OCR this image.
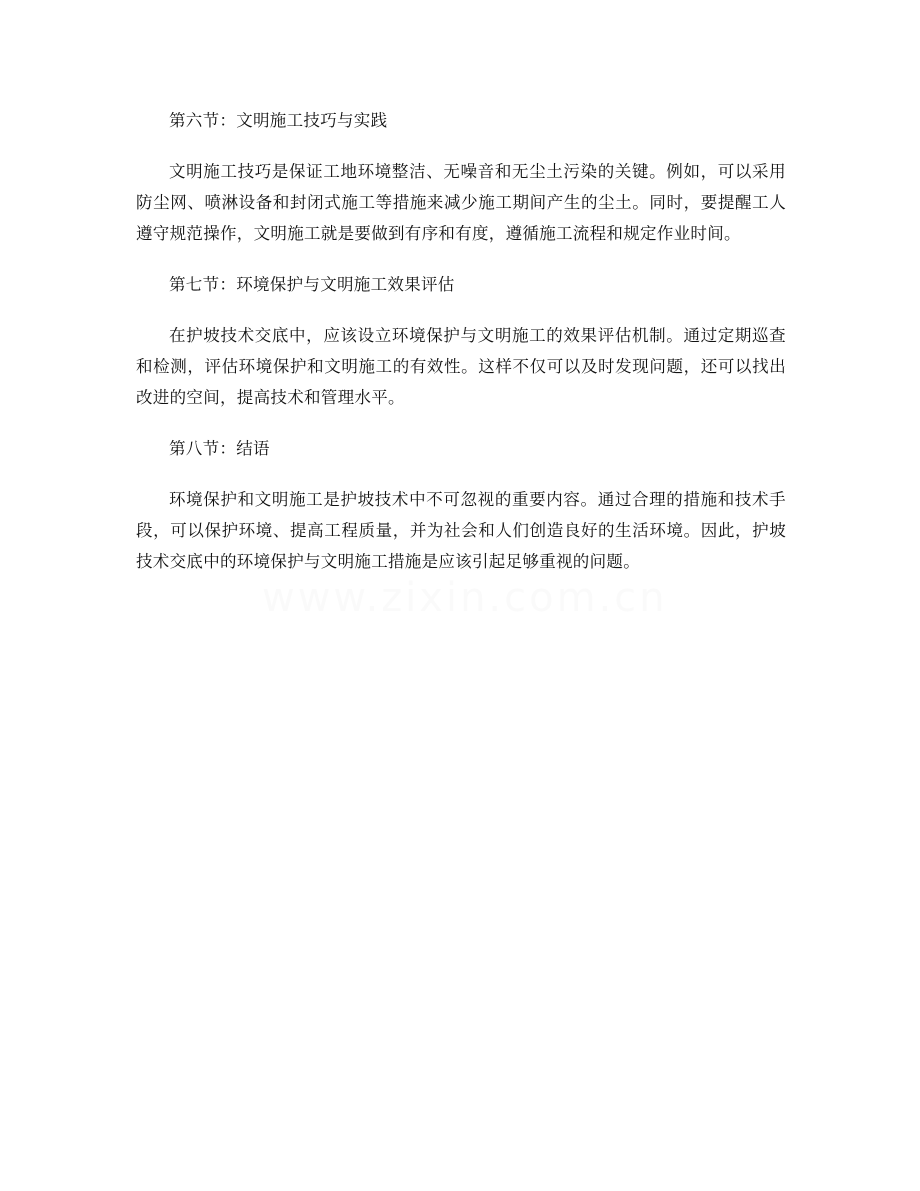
第六节：文明施工技巧与实践

文明施工技巧是保证工地环境整洁、无噪音和无尘土污染的关键。例如，可以采用防尘网、喷淋设备和封闭式施工等措施来减少施工期间产生的尘土。同时，要提醒工人遵守规范操作，文明施工就是要做到有序和有度，遵循施工流程和规定作业时间。

第七节：环境保护与文明施工效果评估

在护坡技术交底中，应该设立环境保护与文明施工的效果评估机制。通过定期巡查和检测，评估环境保护和文明施工的有效性。这样不仅可以及时发现问题，还可以找出改进的空间，提高技术和管理水平。

第八节：结语

环境保护和文明施工是护坡技术中不可忽视的重要内容。通过合理的措施和技术手段，可以保护环境、提高工程质量，并为社会和人们创造良好的生活环境。因此，护坡技术交底中的环境保护与文明施工措施是应该引起足够重视的问题。
